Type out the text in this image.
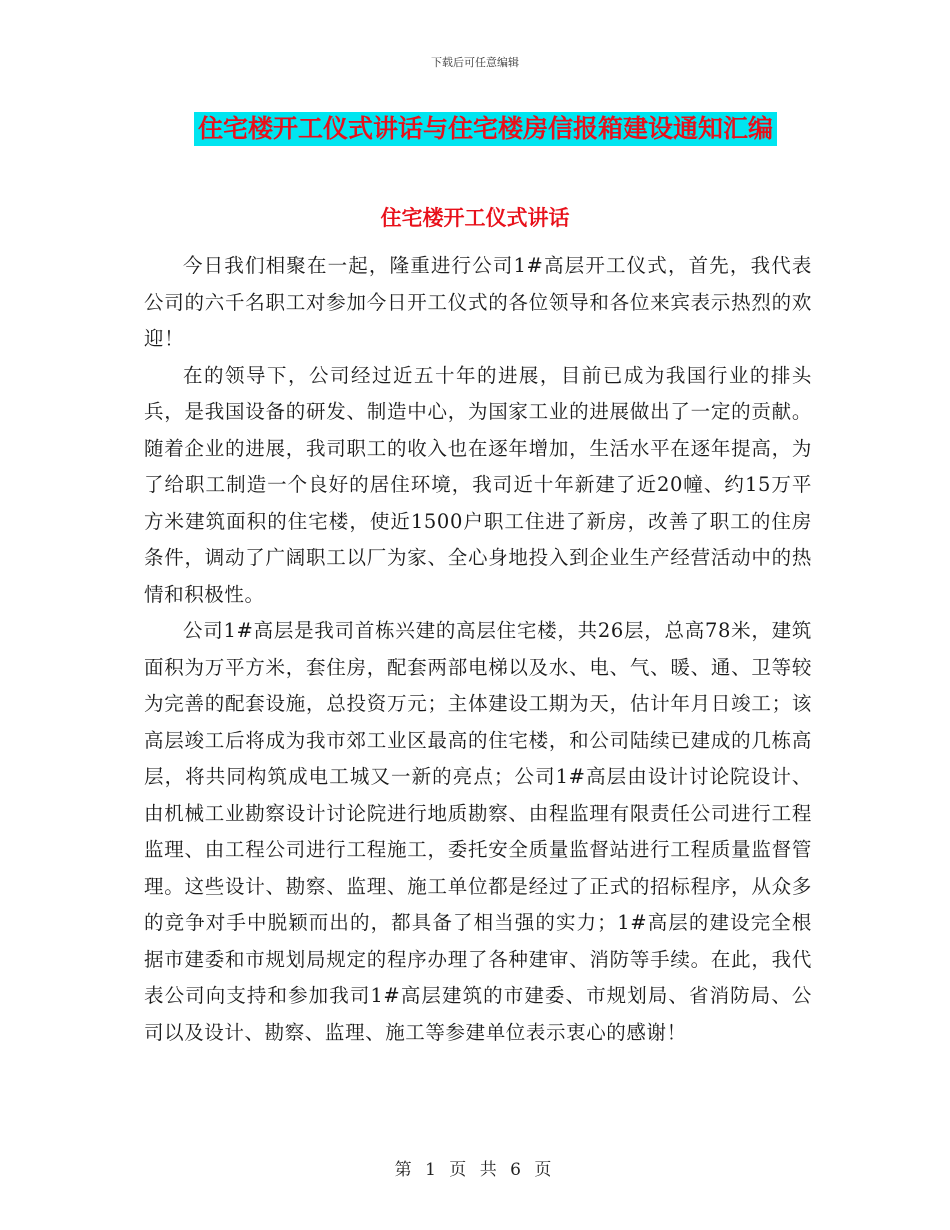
下载后可任意编辑
住宅楼开工仪式讲话与住宅楼房信报箱建设通知汇编
住宅楼开工仪式讲话

今日我们相聚在一起，隆重进行公司1#高层开工仪式，首先，我代表公司的六千名职工对参加今日开工仪式的各位领导和各位来宾表示热烈的欢迎！

在的领导下，公司经过近五十年的进展，目前已成为我国行业的排头兵，是我国设备的研发、制造中心，为国家工业的进展做出了一定的贡献。随着企业的进展，我司职工的收入也在逐年增加，生活水平在逐年提高，为了给职工制造一个良好的居住环境，我司近十年新建了近20幢、约15万平方米建筑面积的住宅楼，使近1500户职工住进了新房，改善了职工的住房条件，调动了广阔职工以厂为家、全心身地投入到企业生产经营活动中的热情和积极性。

公司1#高层是我司首栋兴建的高层住宅楼，共26层，总高78米，建筑面积为万平方米，套住房，配套两部电梯以及水、电、气、暖、通、卫等较为完善的配套设施，总投资万元；主体建设工期为天，估计年月日竣工；该高层竣工后将成为我市郊工业区最高的住宅楼，和公司陆续已建成的几栋高层，将共同构筑成电工城又一新的亮点；公司1#高层由设计讨论院设计、由机械工业勘察设计讨论院进行地质勘察、由程监理有限责任公司进行工程监理、由工程公司进行工程施工，委托安全质量监督站进行工程质量监督管理。这些设计、勘察、监理、施工单位都是经过了正式的招标程序，从众多的竞争对手中脱颖而出的，都具备了相当强的实力；1#高层的建设完全根据市建委和市规划局规定的程序办理了各种建审、消防等手续。在此，我代表公司向支持和参加我司1#高层建筑的市建委、市规划局、省消防局、公司以及设计、勘察、监理、施工等参建单位表示衷心的感谢！

第 1 页 共 6 页
